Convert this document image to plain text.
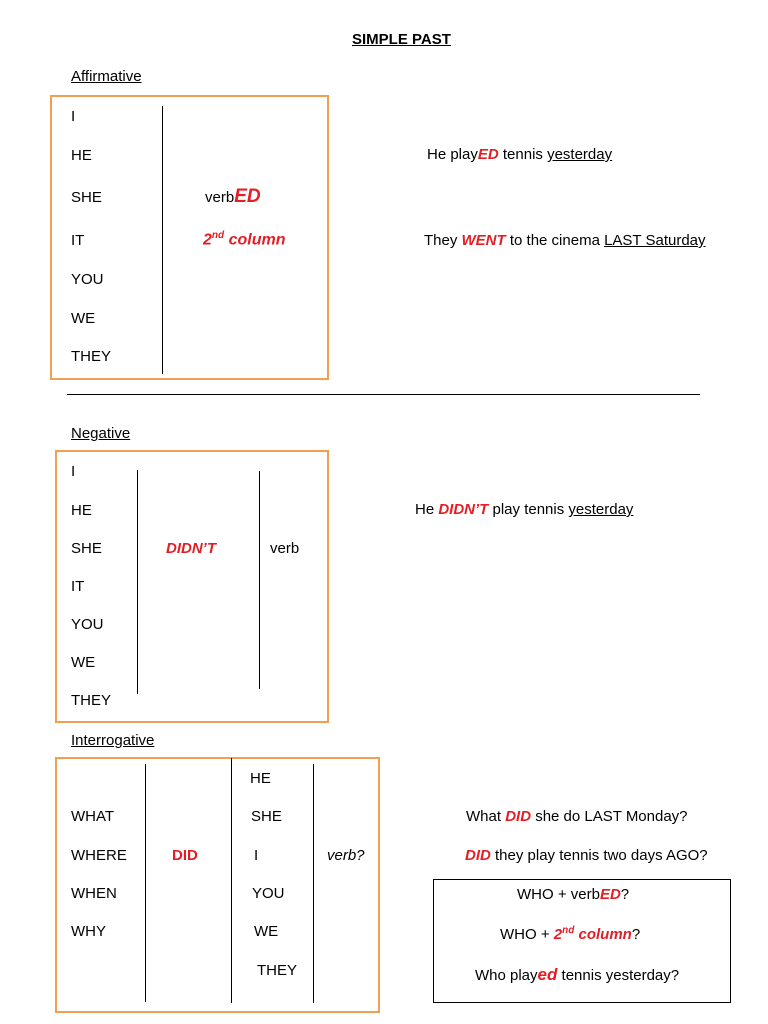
SIMPLE PAST
Affirmative
I
HE
SHE
IT
YOU
WE
THEY
verbED
2nd column
He playED tennis yesterday
They WENT to the cinema LAST Saturday
Negative
I
HE
SHE
IT
YOU
WE
THEY
DIDN’T	verb
He DIDN’T play tennis yesterday
Interrogative
WHAT
WHERE
WHEN
WHY
DID
HE
SHE
I
YOU
WE
THEY
verb?
What DID she do LAST Monday?
DID they play tennis two days AGO?
WHO + verbED?
WHO + 2nd column?
Who played tennis yesterday?
